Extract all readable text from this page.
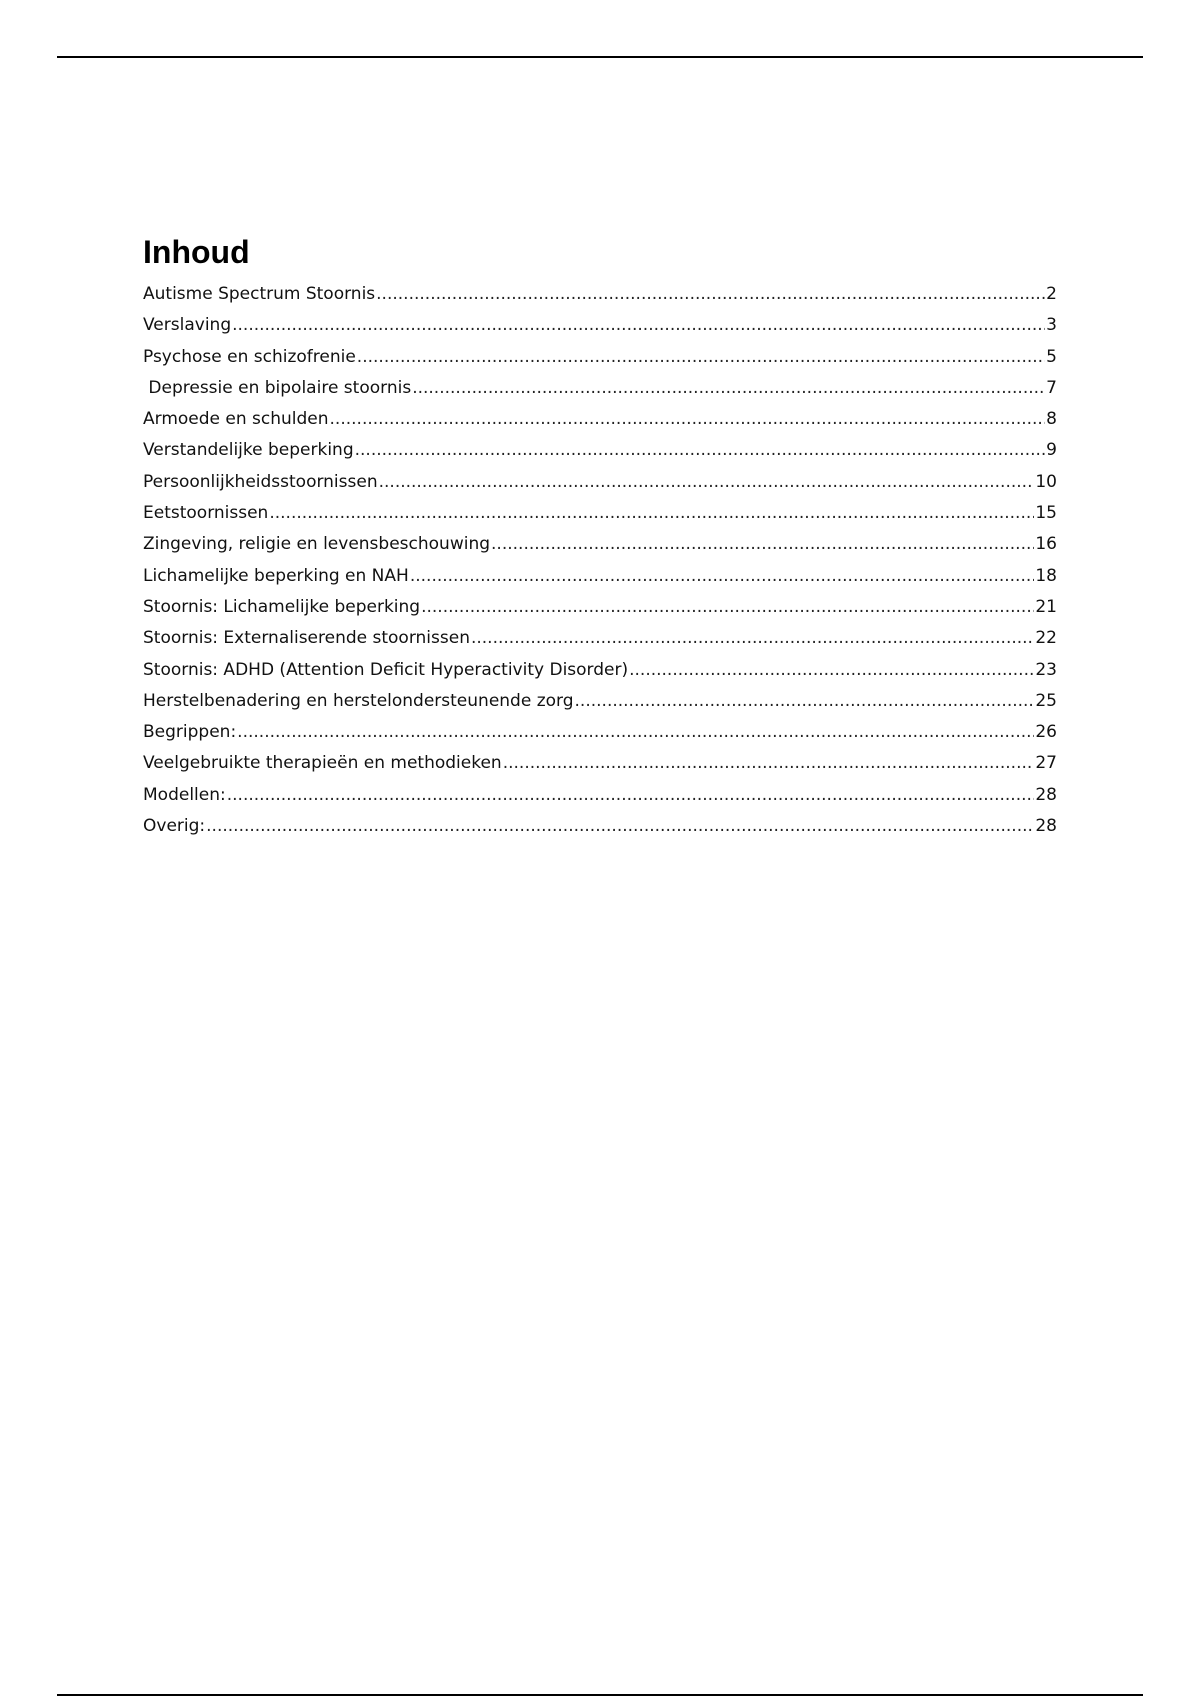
Inhoud
Autisme Spectrum Stoornis .....	2
Verslaving .....	3
Psychose en schizofrenie .....	5
Depressie en bipolaire stoornis .....	7
Armoede en schulden .....	8
Verstandelijke beperking .....	9
Persoonlijkheidsstoornissen .....	10
Eetstoornissen .....	15
Zingeving, religie en levensbeschouwing .....	16
Lichamelijke beperking en NAH .....	18
Stoornis: Lichamelijke beperking .....	21
Stoornis: Externaliserende stoornissen .....	22
Stoornis: ADHD (Attention Deficit Hyperactivity Disorder) .....	23
Herstelbenadering en herstelondersteunende zorg .....	25
Begrippen: .....	26
Veelgebruikte therapieën en methodieken .....	27
Modellen: .....	28
Overig: .....	28
